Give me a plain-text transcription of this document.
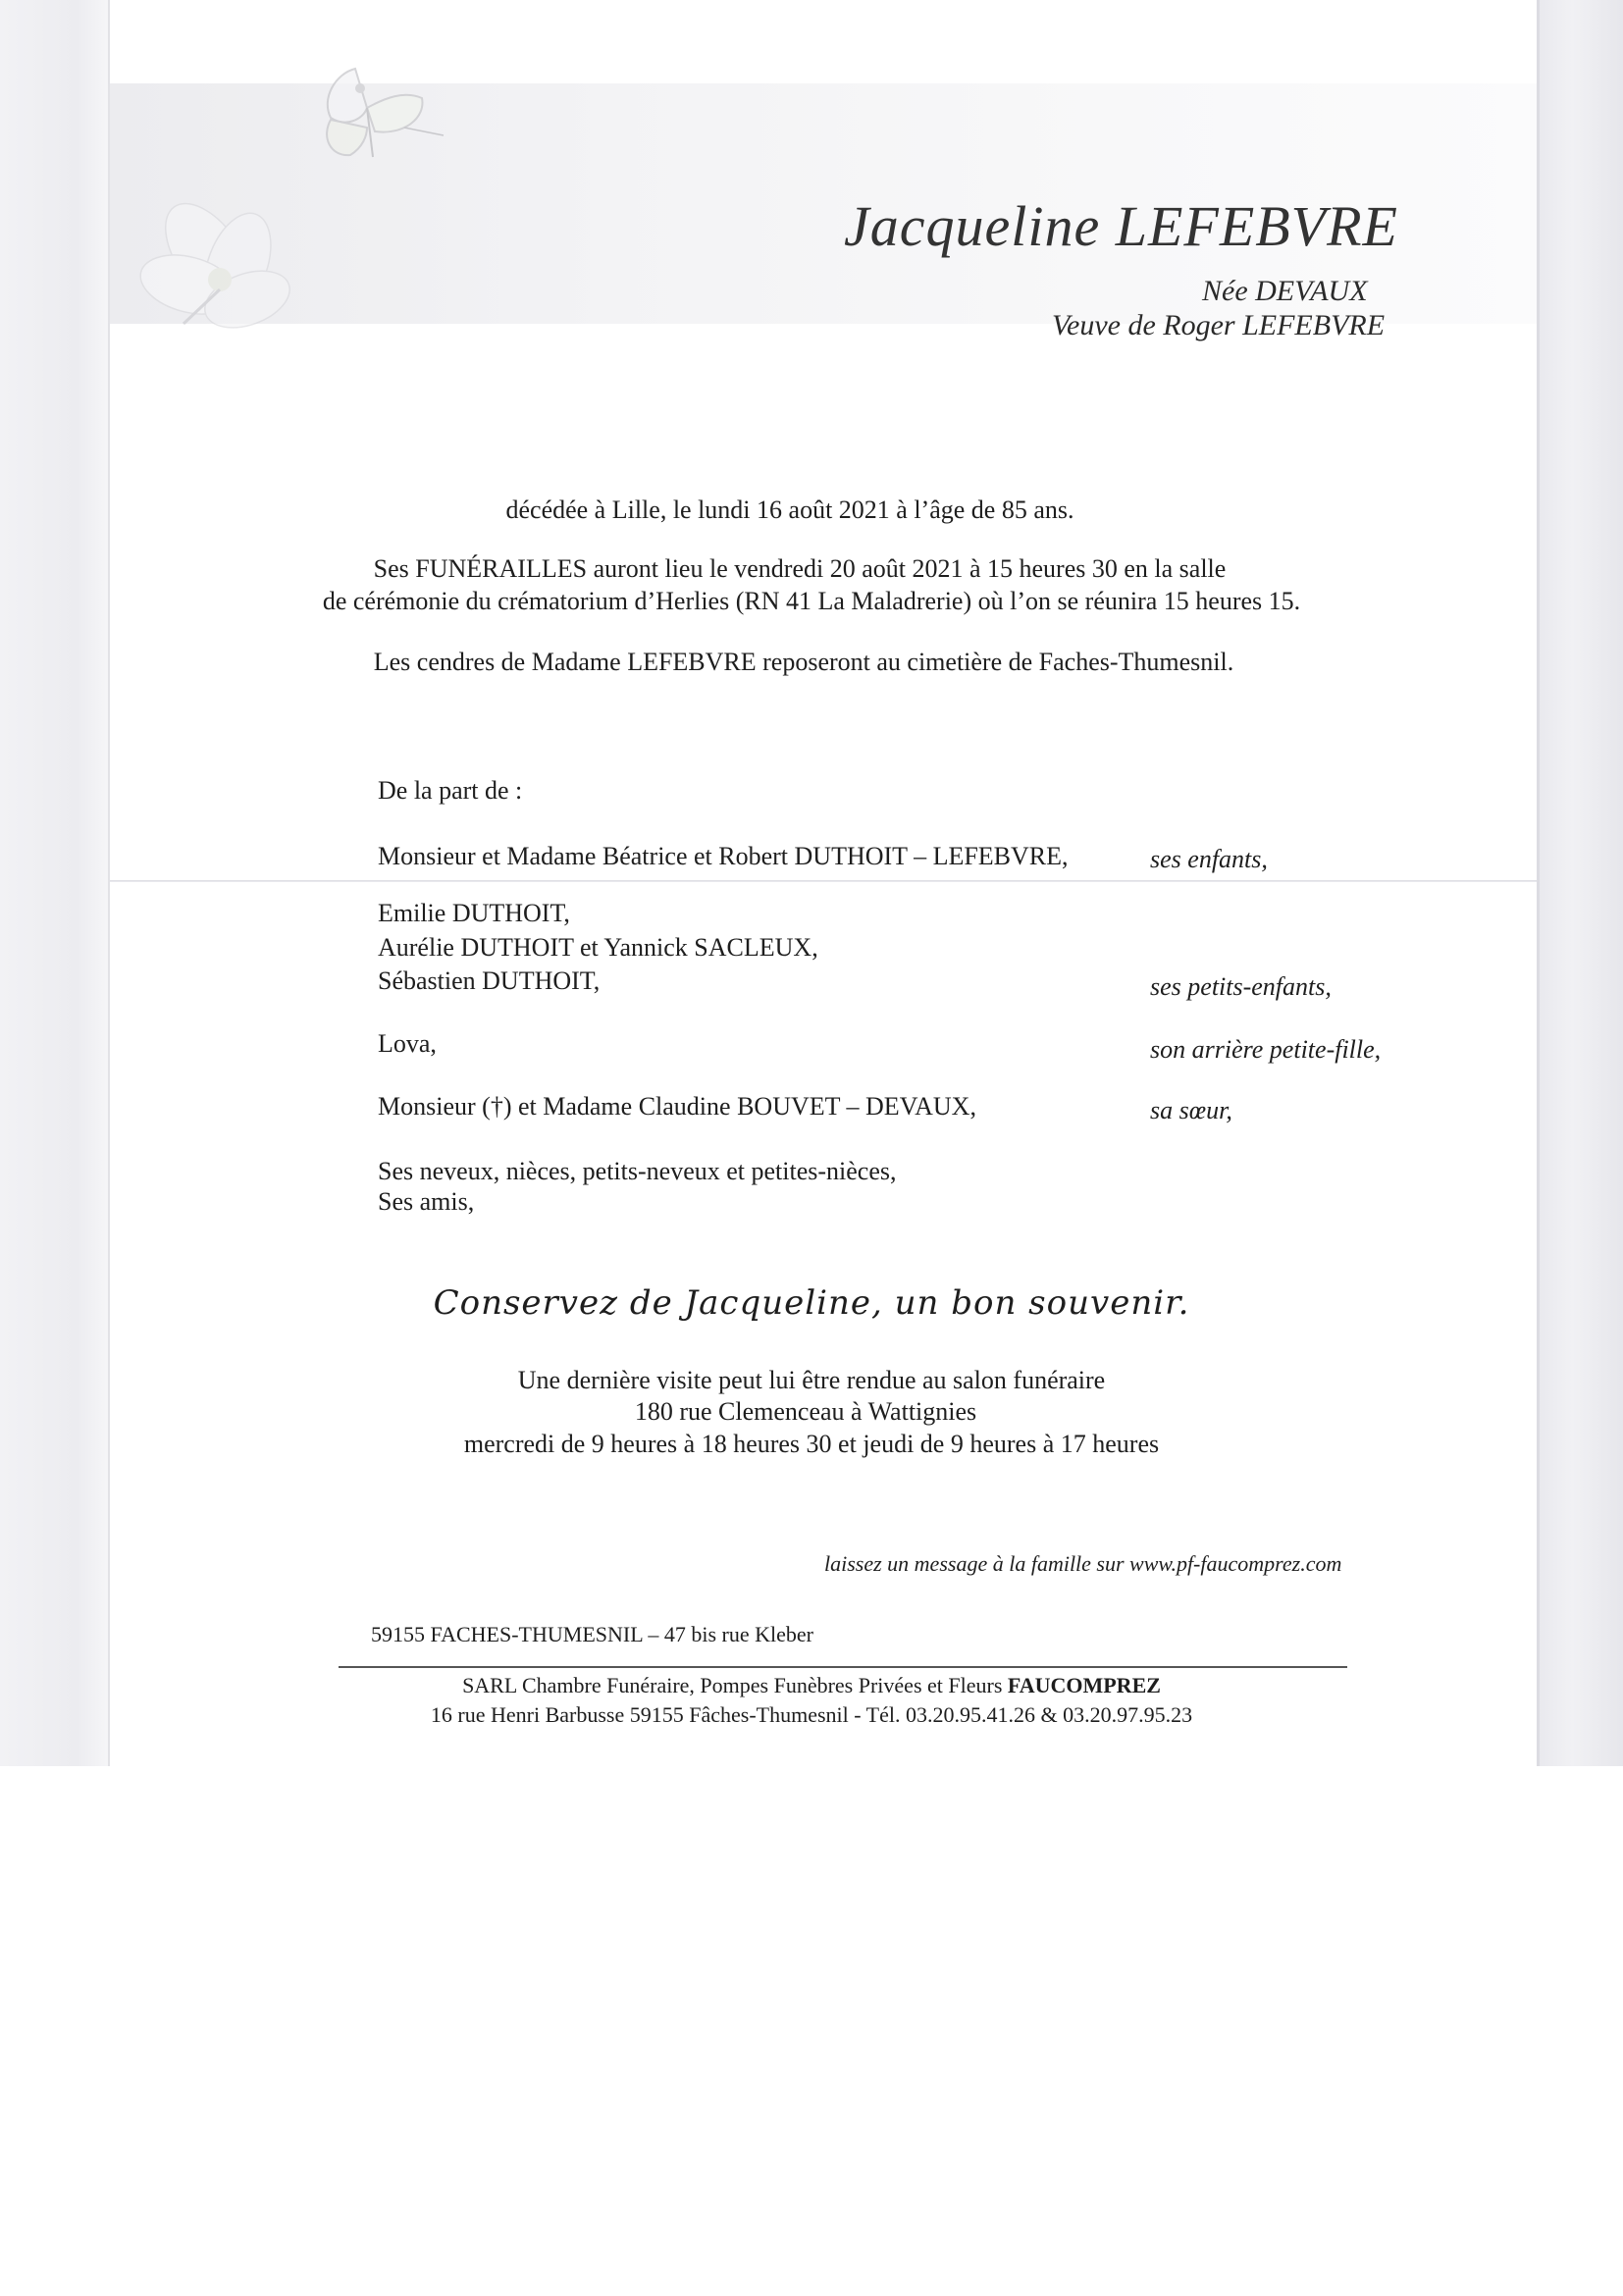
Jacqueline LEFEBVRE
Née DEVAUX
Veuve de Roger LEFEBVRE
décédée à Lille, le lundi 16 août 2021 à l’âge de 85 ans.
Ses FUNÉRAILLES auront lieu le vendredi 20 août 2021 à 15 heures 30 en la salle
de cérémonie du crématorium d’Herlies (RN 41 La Maladrerie) où l’on se réunira 15 heures 15.
Les cendres de Madame LEFEBVRE reposeront au cimetière de Faches-Thumesnil.
De la part de :
Monsieur et Madame Béatrice et Robert DUTHOIT – LEFEBVRE,	ses enfants,
Emilie DUTHOIT,
Aurélie DUTHOIT et Yannick SACLEUX,
Sébastien DUTHOIT,	ses petits-enfants,
Lova,	son arrière petite-fille,
Monsieur (†) et Madame Claudine BOUVET – DEVAUX,	sa sœur,
Ses neveux, nièces, petits-neveux et petites-nièces,
Ses amis,
Conservez de Jacqueline, un bon souvenir.
Une dernière visite peut lui être rendue au salon funéraire
180 rue Clemenceau à Wattignies
mercredi de 9 heures à 18 heures 30 et jeudi de 9 heures à 17 heures
laissez un message à la famille sur www.pf-faucomprez.com
59155 FACHES-THUMESNIL – 47 bis rue Kleber
SARL Chambre Funéraire, Pompes Funèbres Privées et Fleurs FAUCOMPREZ
16 rue Henri Barbusse 59155 Fâches-Thumesnil - Tél. 03.20.95.41.26 & 03.20.97.95.23
